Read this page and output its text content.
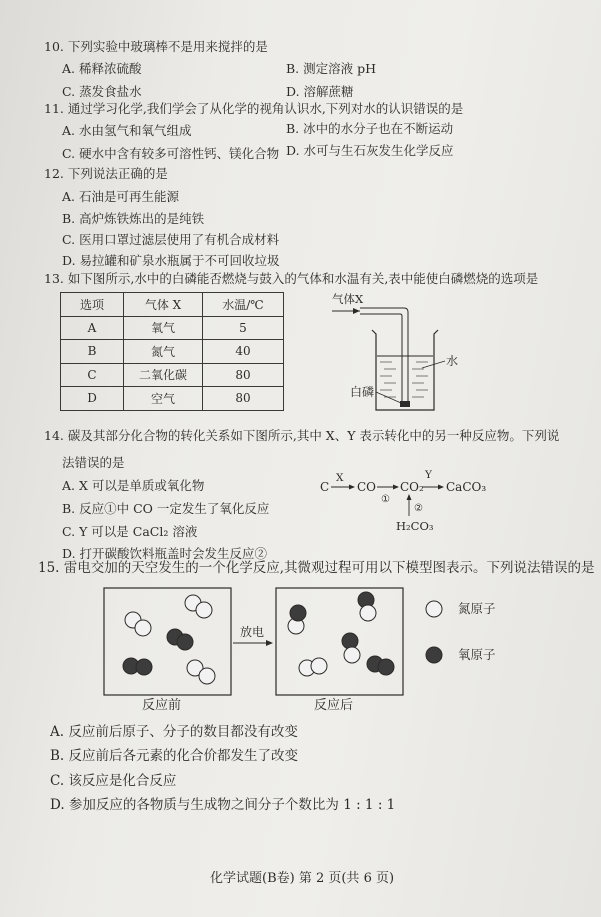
10. 下列实验中玻璃棒不是用来搅拌的是
A. 稀释浓硫酸	B. 测定溶液 pH
C. 蒸发食盐水	D. 溶解蔗糖
11. 通过学习化学,我们学会了从化学的视角认识水,下列对水的认识错误的是
A. 水由氢气和氧气组成	B. 冰中的水分子也在不断运动
C. 硬水中含有较多可溶性钙、镁化合物 D. 水可与生石灰发生化学反应
12. 下列说法正确的是
A. 石油是可再生能源
B. 高炉炼铁炼出的是纯铁
C. 医用口罩过滤层使用了有机合成材料
D. 易拉罐和矿泉水瓶属于不可回收垃圾
13. 如下图所示,水中的白磷能否燃烧与鼓入的气体和水温有关,表中能使白磷燃烧的选项是
选项	气体 X	水温/℃
A	氧气	5
B	氮气	40
C	二氧化碳	80
D	空气	80
气体X
水
白磷
14. 碳及其部分化合物的转化关系如下图所示,其中 X、Y 表示转化中的另一种反应物。下列说
法错误的是
A. X 可以是单质或氧化物
B. 反应①中 CO 一定发生了氧化反应
C. Y 可以是 CaCl₂ 溶液
D. 打开碳酸饮料瓶盖时会发生反应②
C
X
CO
①
CO₂
Y
CaCO₃
②
H₂CO₃
15. 雷电交加的天空发生的一个化学反应,其微观过程可用以下模型图表示。下列说法错误的是
放电
反应前	反应后
氮原子
氧原子
A. 反应前后原子、分子的数目都没有改变
B. 反应前后各元素的化合价都发生了改变
C. 该反应是化合反应
D. 参加反应的各物质与生成物之间分子个数比为 1 : 1 : 1
化学试题(B卷) 第 2 页(共 6 页)
